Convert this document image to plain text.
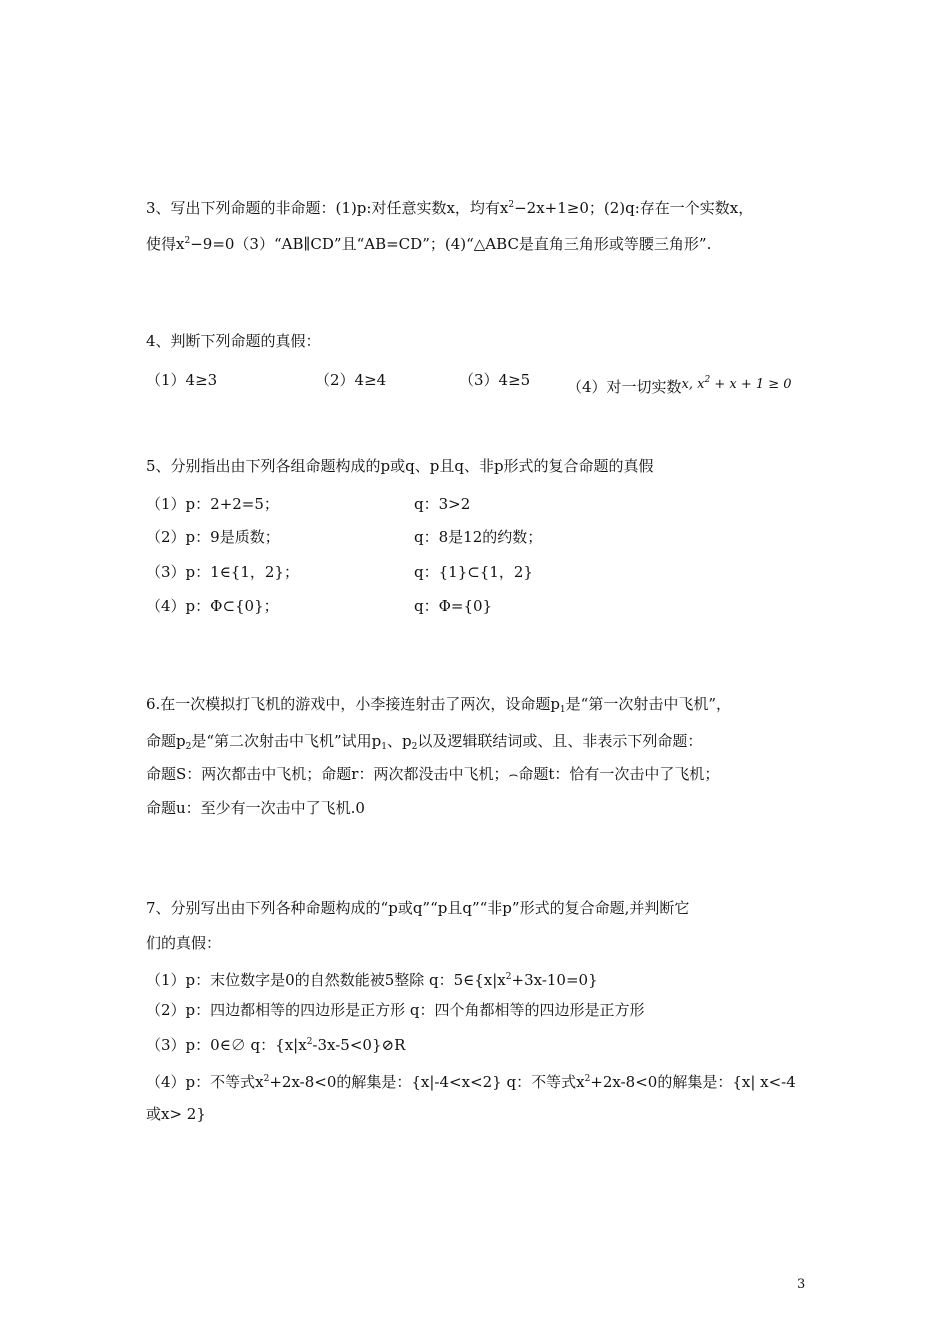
3、写出下列命题的非命题：(1)p:对任意实数x，均有$x^2-2x+1\ge 0$；(2)q:存在一个实数x，
使得$x^2-9=0(3)“AB\parallel CD$”且“AB=CD”；(4)“△ABC是直角三角形或等腰三角形”.
4、判断下列命题的真假：
（1）4≥3	（2）4≥4	（3）4≥5 （4）对一切实数x, $x^2 + x + 1 \ge 0$
5、分别指出由下列各组命题构成的p或q、p且q、非p形式的复合命题的真假
（1）p：2+2=5；	q：3>2
（2）p：9是质数；	q：8是12的约数；
（3）p：1∈{1，2}；	q：{1}⊂{1，2}
（4）p：Φ⊂{0}；	q：Φ={0}
6.在一次模拟打飞机的游戏中，小李接连射击了两次，设命题$p_1$是“第一次射击中飞机”，
命题$p_2$是“第二次射击中飞机”试用$p_1$、$p_2$以及逻辑联结词或、且、非表示下列命题：
命题S：两次都击中飞机；命题r：两次都没击中飞机；⌢命题t：恰有一次击中了飞机；
命题u：至少有一次击中了飞机.0
7、分别写出由下列各种命题构成的“p或q”“p且q”“非p”形式的复合命题,并判断它
们的真假：
（1）p：末位数字是0的自然数能被5整除 q：$5\in\{x|x^2+3x-10=0\}$
（2）p：四边都相等的四边形是正方形 q：四个角都相等的四边形是正方形
（3）p：0∈∅ q：$\{x|x^2-3x-5<0\}⊘R$
（4）p：不等式$x^2+2x-8<0$的解集是：{x|-4<x<2} q：不等式$x^2+2x-8<0$的解集是：{x| x<-4
或x> 2}
3
